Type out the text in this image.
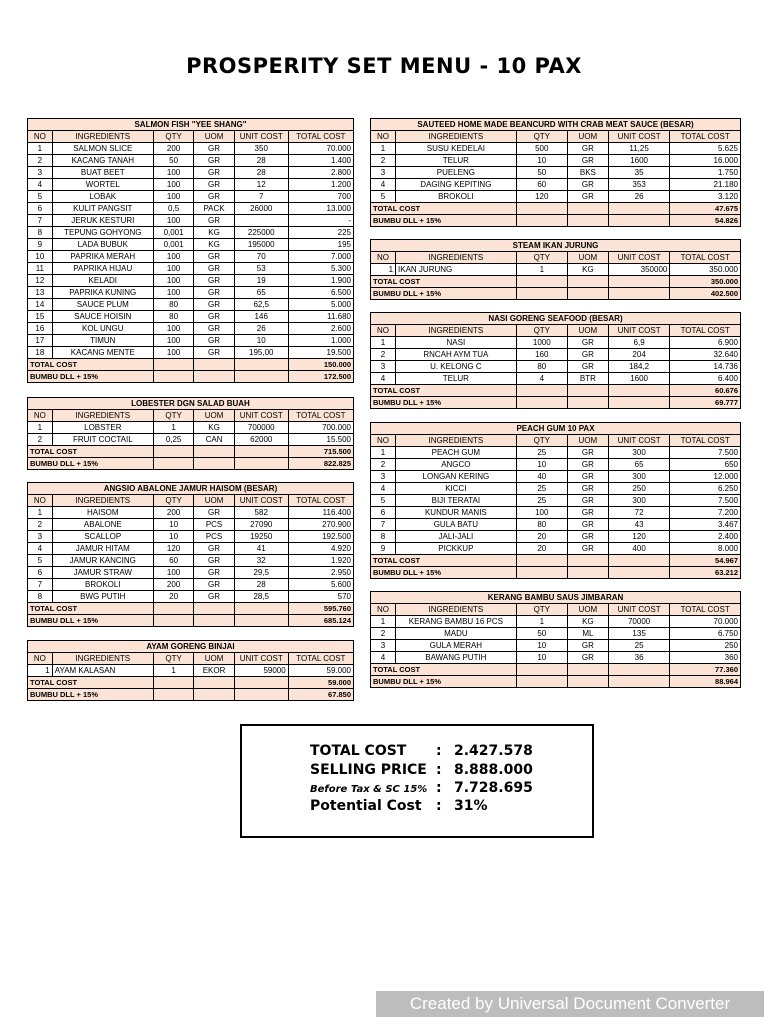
PROSPERITY SET MENU - 10 PAX
SALMON FISH "YEE SHANG"					
NO	INGREDIENTS	QTY	UOM	UNIT COST	TOTAL COST
1	SALMON SLICE	200	GR	350	70.000
2	KACANG TANAH	50	GR	28	1.400
3	BUAT BEET	100	GR	28	2.800
4	WORTEL	100	GR	12	1.200
5	LOBAK	100	GR	7	700
6	KULIT PANGSIT	0,5	PACK	26000	13.000
7	JERUK KESTURI	100	GR		-
8	TEPUNG GOHYONG	0,001	KG	225000	225
9	LADA BUBUK	0,001	KG	195000	195
10	PAPRIKA MERAH	100	GR	70	7.000
11	PAPRIKA HIJAU	100	GR	53	5.300
12	KELADI	100	GR	19	1.900
13	PAPRIKA KUNING	100	GR	65	6.500
14	SAUCE PLUM	80	GR	62,5	5.000
15	SAUCE HOISIN	80	GR	146	11.680
16	KOL UNGU	100	GR	26	2.600
17	TIMUN	100	GR	10	1.000
18	KACANG MENTE	100	GR	195,00	19.500
TOTAL COST					150.000
BUMBU DLL + 15%					172.500
LOBESTER DGN SALAD BUAH					
NO	INGREDIENTS	QTY	UOM	UNIT COST	TOTAL COST
1	LOBSTER	1	KG	700000	700.000
2	FRUIT COCTAIL	0,25	CAN	62000	15.500
TOTAL COST					715.500
BUMBU DLL + 15%					822.825
ANGSIO ABALONE JAMUR HAISOM (BESAR)					
NO	INGREDIENTS	QTY	UOM	UNIT COST	TOTAL COST
1	HAISOM	200	GR	582	116.400
2	ABALONE	10	PCS	27090	270.900
3	SCALLOP	10	PCS	19250	192.500
4	JAMUR HITAM	120	GR	41	4.920
5	JAMUR KANCING	60	GR	32	1.920
6	JAMUR STRAW	100	GR	29,5	2.950
7	BROKOLI	200	GR	28	5.600
8	BWG PUTIH	20	GR	28,5	570
TOTAL COST					595.760
BUMBU DLL + 15%					685.124
AYAM GORENG BINJAI					
NO	INGREDIENTS	QTY	UOM	UNIT COST	TOTAL COST
1	AYAM KALASAN	1	EKOR	59000	59.000
TOTAL COST					59.000
BUMBU DLL + 15%					67.850
SAUTEED HOME MADE BEANCURD WITH CRAB MEAT SAUCE (BESAR)					
NO	INGREDIENTS	QTY	UOM	UNIT COST	TOTAL COST
1	SUSU KEDELAI	500	GR	11,25	5.625
2	TELUR	10	GR	1600	16.000
3	PUELENG	50	BKS	35	1.750
4	DAGING KEPITING	60	GR	353	21.180
5	BROKOLI	120	GR	26	3.120
TOTAL COST					47.675
BUMBU DLL + 15%					54.826
STEAM IKAN JURUNG					
NO	INGREDIENTS	QTY	UOM	UNIT COST	TOTAL COST
1	IKAN JURUNG	1	KG	350000	350.000
TOTAL COST					350.000
BUMBU DLL + 15%					402.500
NASI GORENG SEAFOOD (BESAR)					
NO	INGREDIENTS	QTY	UOM	UNIT COST	TOTAL COST
1	NASI	1000	GR	6,9	6.900
2	RNCAH AYM TUA	160	GR	204	32.640
3	U. KELONG C	80	GR	184,2	14.736
4	TELUR	4	BTR	1600	6.400
TOTAL COST					60.676
BUMBU DLL + 15%					69.777
PEACH GUM 10 PAX					
NO	INGREDIENTS	QTY	UOM	UNIT COST	TOTAL COST
1	PEACH GUM	25	GR	300	7.500
2	ANGCO	10	GR	65	650
3	LONGAN KERING	40	GR	300	12.000
4	KICCI	25	GR	250	6.250
5	BIJI TERATAI	25	GR	300	7.500
6	KUNDUR MANIS	100	GR	72	7.200
7	GULA BATU	80	GR	43	3.467
8	JALI-JALI	20	GR	120	2.400
9	PICKKUP	20	GR	400	8.000
TOTAL COST					54.967
BUMBU DLL + 15%					63.212
KERANG BAMBU SAUS JIMBARAN					
NO	INGREDIENTS	QTY	UOM	UNIT COST	TOTAL COST
1	KERANG BAMBU 16 PCS	1	KG	70000	70.000
2	MADU	50	ML	135	6.750
3	GULA MERAH	10	GR	25	250
4	BAWANG PUTIH	10	GR	36	360
TOTAL COST					77.360
BUMBU DLL + 15%					88.964
TOTAL COST : 2.427.578
SELLING PRICE : 8.888.000
Before Tax & SC 15% : 7.728.695
Potential Cost : 31%
Created by Universal Document Converter
